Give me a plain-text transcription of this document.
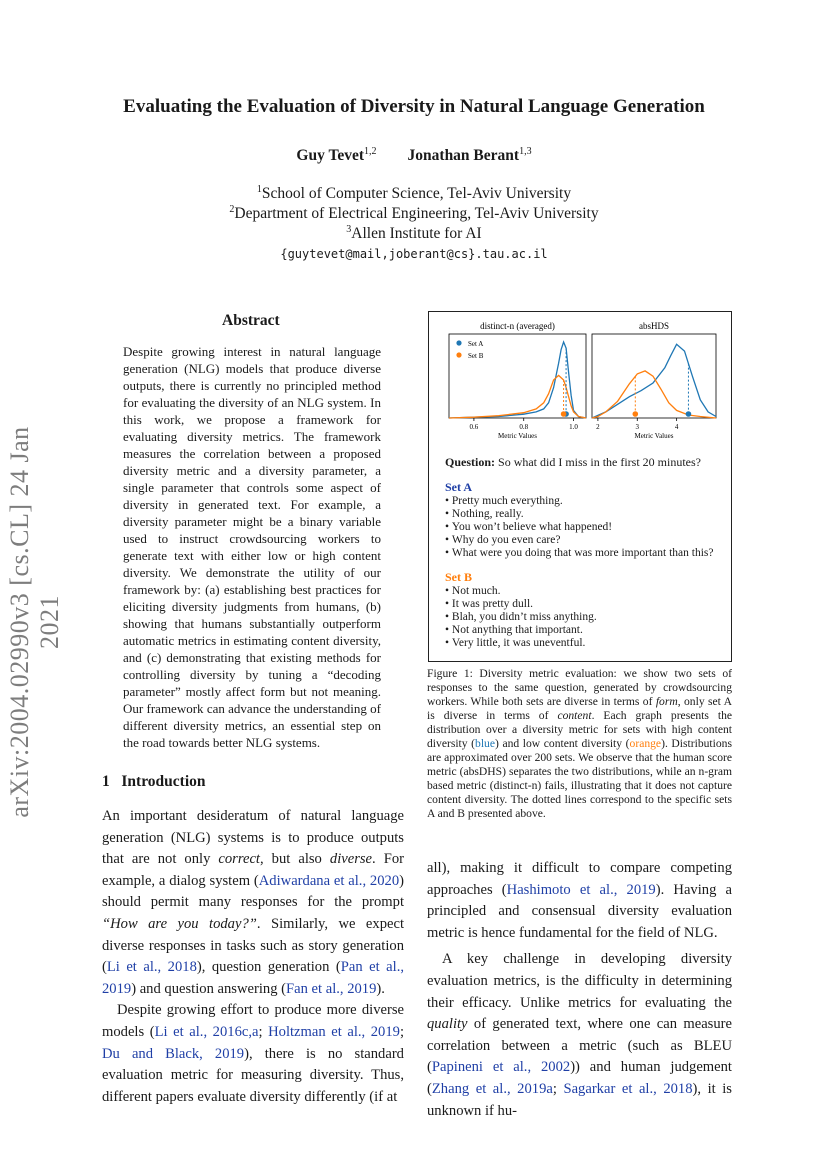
Evaluating the Evaluation of Diversity in Natural Language Generation
Guy Tevet$^{1,2}$ Jonathan Berant$^{1,3}$
$^1$School of Computer Science, Tel-Aviv University
$^2$Department of Electrical Engineering, Tel-Aviv University
$^3$Allen Institute for AI
{guytevet@mail,joberant@cs}.tau.ac.il
arXiv:2004.02990v3 [cs.CL] 24 Jan 2021
Abstract
Despite growing interest in natural language generation (NLG) models that produce diverse outputs, there is currently no principled method for evaluating the diversity of an NLG system. In this work, we propose a framework for evaluating diversity metrics. The framework measures the correlation between a proposed diversity metric and a diversity parameter, a single parameter that controls some aspect of diversity in generated text. For example, a diversity parameter might be a binary variable used to instruct crowdsourcing workers to generate text with either low or high content diversity. We demonstrate the utility of our framework by: (a) establishing best practices for eliciting diversity judgments from humans, (b) showing that humans substantially outperform automatic metrics in estimating content diversity, and (c) demonstrating that existing methods for controlling diversity by tuning a “decoding parameter” mostly affect form but not meaning. Our framework can advance the understanding of different diversity metrics, an essential step on the road towards better NLG systems.
1 Introduction

An important desideratum of natural language generation (NLG) systems is to produce outputs that are not only correct, but also diverse. For example, a dialog system (Adiwardana et al., 2020) should permit many responses for the prompt “How are you today?”. Similarly, we expect diverse responses in tasks such as story generation (Li et al., 2018), question generation (Pan et al., 2019) and question answering (Fan et al., 2019).

Despite growing effort to produce more diverse models (Li et al., 2016c,a; Holtzman et al., 2019; Du and Black, 2019), there is no standard evaluation metric for measuring diversity. Thus, different papers evaluate diversity differently (if at

all), making it difficult to compare competing approaches (Hashimoto et al., 2019). Having a principled and consensual diversity evaluation metric is hence fundamental for the field of NLG.

A key challenge in developing diversity evaluation metrics, is the difficulty in determining their efficacy. Unlike metrics for evaluating the quality of generated text, where one can measure correlation between a metric (such as BLEU (Papineni et al., 2002)) and human judgement (Zhang et al., 2019a; Sagarkar et al., 2018), it is unknown if hu-

distinct-n (averaged)
0.6	0.8	1.0
Metric Values
Set A
Set B
absHDS
2	3	4
Metric Values
Question: So what did I miss in the first 20 minutes?
Set A
• Pretty much everything.
• Nothing, really.
• You won’t believe what happened!
• Why do you even care?
• What were you doing that was more important than this?
Set B
• Not much.
• It was pretty dull.
• Blah, you didn’t miss anything.
• Not anything that important.
• Very little, it was uneventful.
Figure 1: Diversity metric evaluation: we show two sets of responses to the same question, generated by crowdsourcing workers. While both sets are diverse in terms of form, only set A is diverse in terms of content. Each graph presents the distribution over a diversity metric for sets with high content diversity (blue) and low content diversity (orange). Distributions are approximated over 200 sets. We observe that the human score metric (absDHS) separates the two distributions, while an n-gram based metric (distinct-n) fails, illustrating that it does not capture content diversity. The dotted lines correspond to the specific sets A and B presented above.
